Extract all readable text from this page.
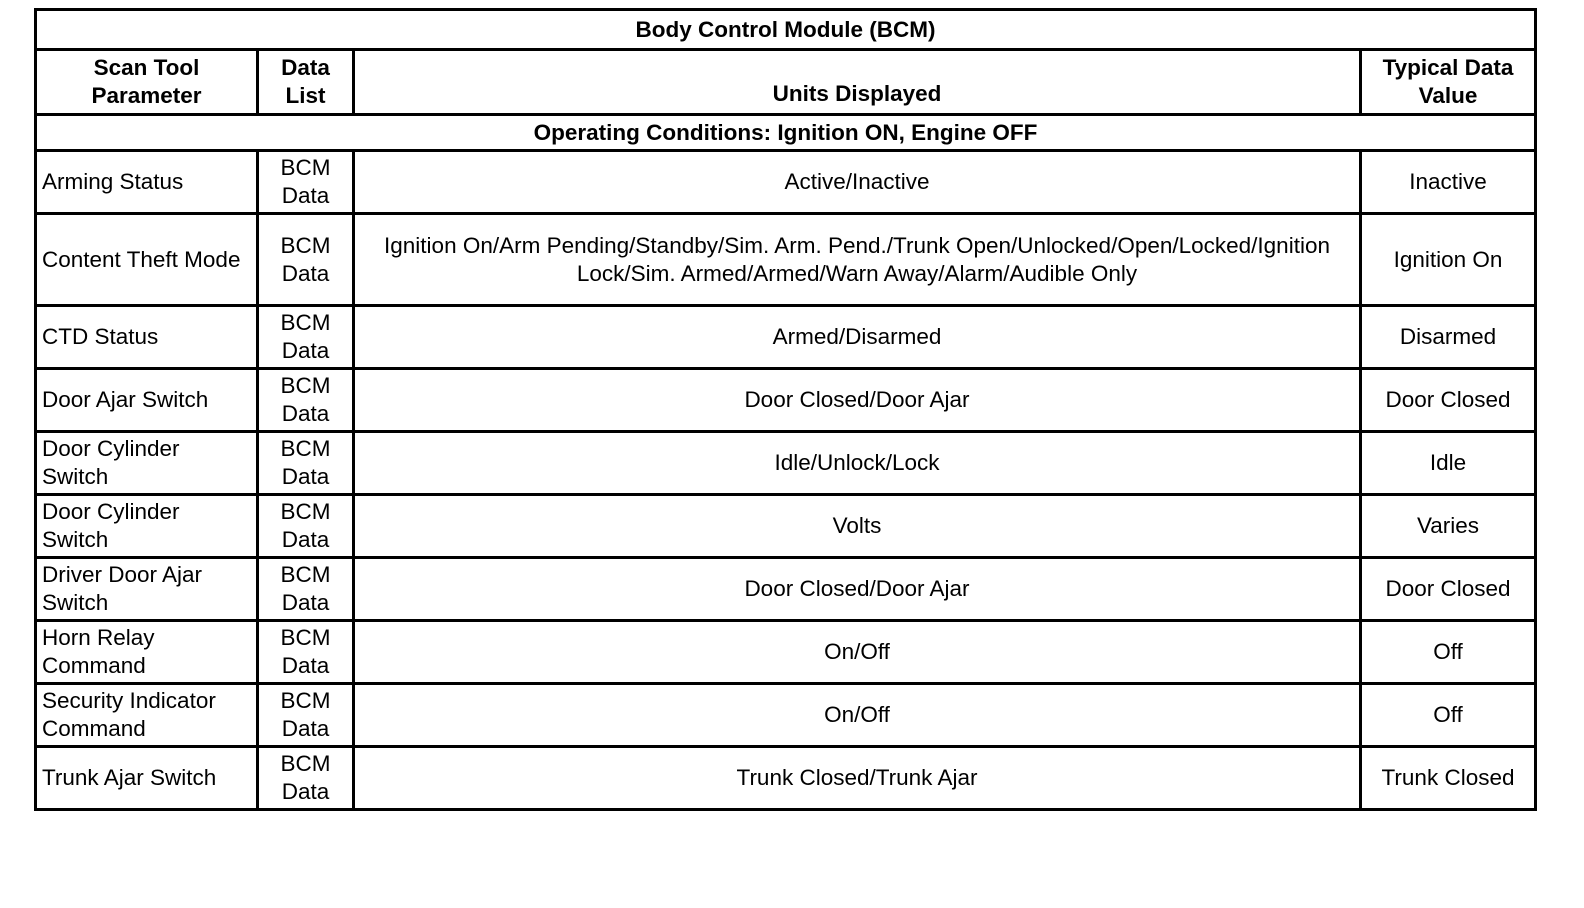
Body Control Module (BCM)			
Scan Tool Parameter	Data List	Units Displayed	Typical Data Value
Operating Conditions: Ignition ON, Engine OFF			
Arming Status	BCM Data	Active/Inactive	Inactive
Content Theft Mode	BCM Data	Ignition On/Arm Pending/Standby/Sim. Arm. Pend./Trunk Open/Unlocked/Open/Locked/Ignition Lock/Sim. Armed/Armed/Warn Away/Alarm/Audible Only	Ignition On
CTD Status	BCM Data	Armed/Disarmed	Disarmed
Door Ajar Switch	BCM Data	Door Closed/Door Ajar	Door Closed
Door Cylinder Switch	BCM Data	Idle/Unlock/Lock	Idle
Door Cylinder Switch	BCM Data	Volts	Varies
Driver Door Ajar Switch	BCM Data	Door Closed/Door Ajar	Door Closed
Horn Relay Command	BCM Data	On/Off	Off
Security Indicator Command	BCM Data	On/Off	Off
Trunk Ajar Switch	BCM Data	Trunk Closed/Trunk Ajar	Trunk Closed
